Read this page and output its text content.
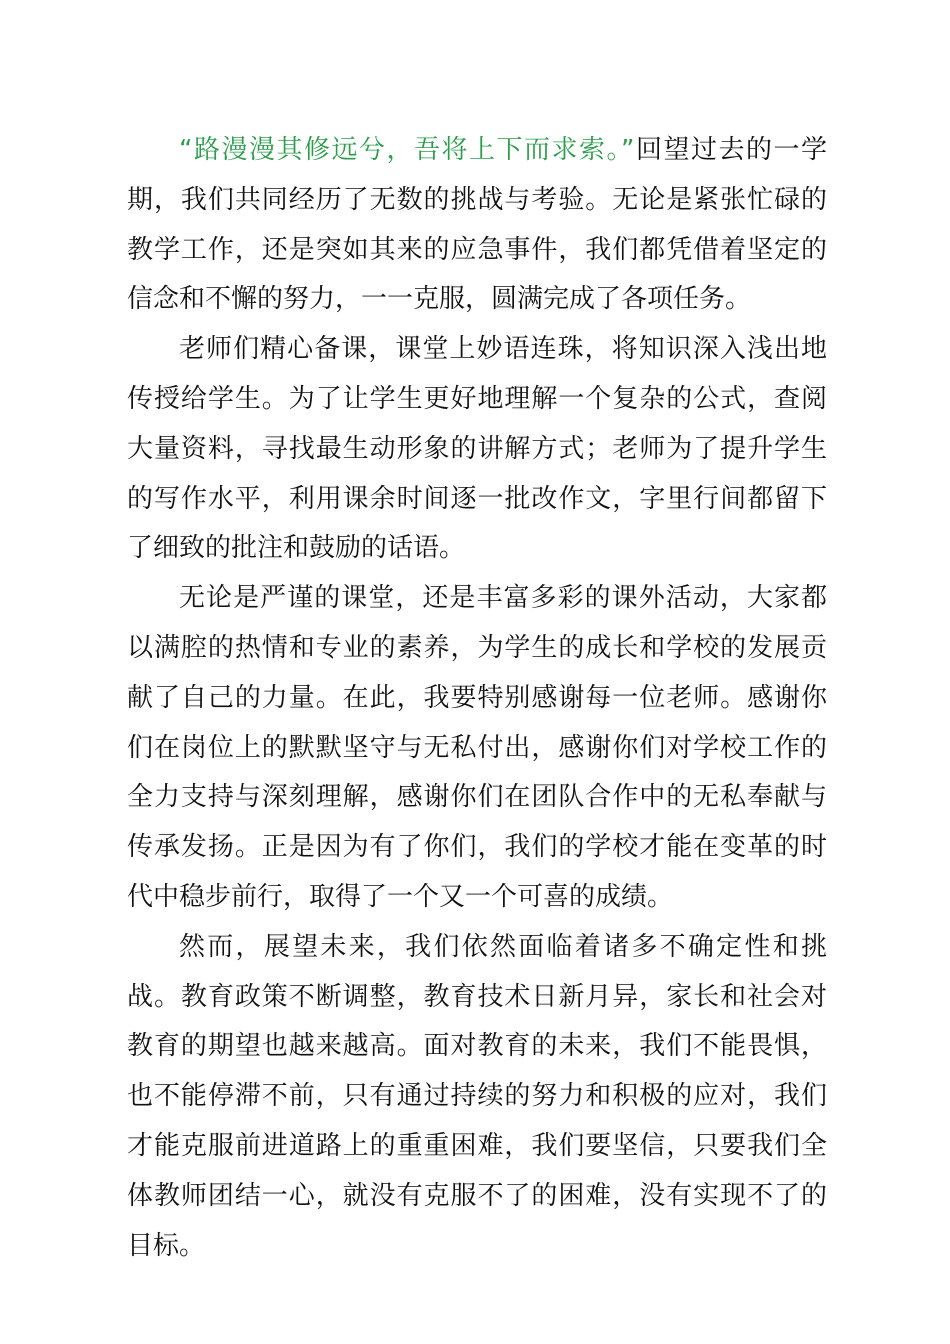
“路漫漫其修远兮，吾将上下而求索。”回望过去的一学期，我们共同经历了无数的挑战与考验。无论是紧张忙碌的教学工作，还是突如其来的应急事件，我们都凭借着坚定的信念和不懈的努力，一一克服，圆满完成了各项任务。

老师们精心备课，课堂上妙语连珠，将知识深入浅出地传授给学生。为了让学生更好地理解一个复杂的公式，查阅大量资料，寻找最生动形象的讲解方式；老师为了提升学生的写作水平，利用课余时间逐一批改作文，字里行间都留下了细致的批注和鼓励的话语。

无论是严谨的课堂，还是丰富多彩的课外活动，大家都以满腔的热情和专业的素养，为学生的成长和学校的发展贡献了自己的力量。在此，我要特别感谢每一位老师。感谢你们在岗位上的默默坚守与无私付出，感谢你们对学校工作的全力支持与深刻理解，感谢你们在团队合作中的无私奉献与传承发扬。正是因为有了你们，我们的学校才能在变革的时代中稳步前行，取得了一个又一个可喜的成绩。

然而，展望未来，我们依然面临着诸多不确定性和挑战。教育政策不断调整，教育技术日新月异，家长和社会对教育的期望也越来越高。面对教育的未来，我们不能畏惧，也不能停滞不前，只有通过持续的努力和积极的应对，我们才能克服前进道路上的重重困难，我们要坚信，只要我们全体教师团结一心，就没有克服不了的困难，没有实现不了的目标。
